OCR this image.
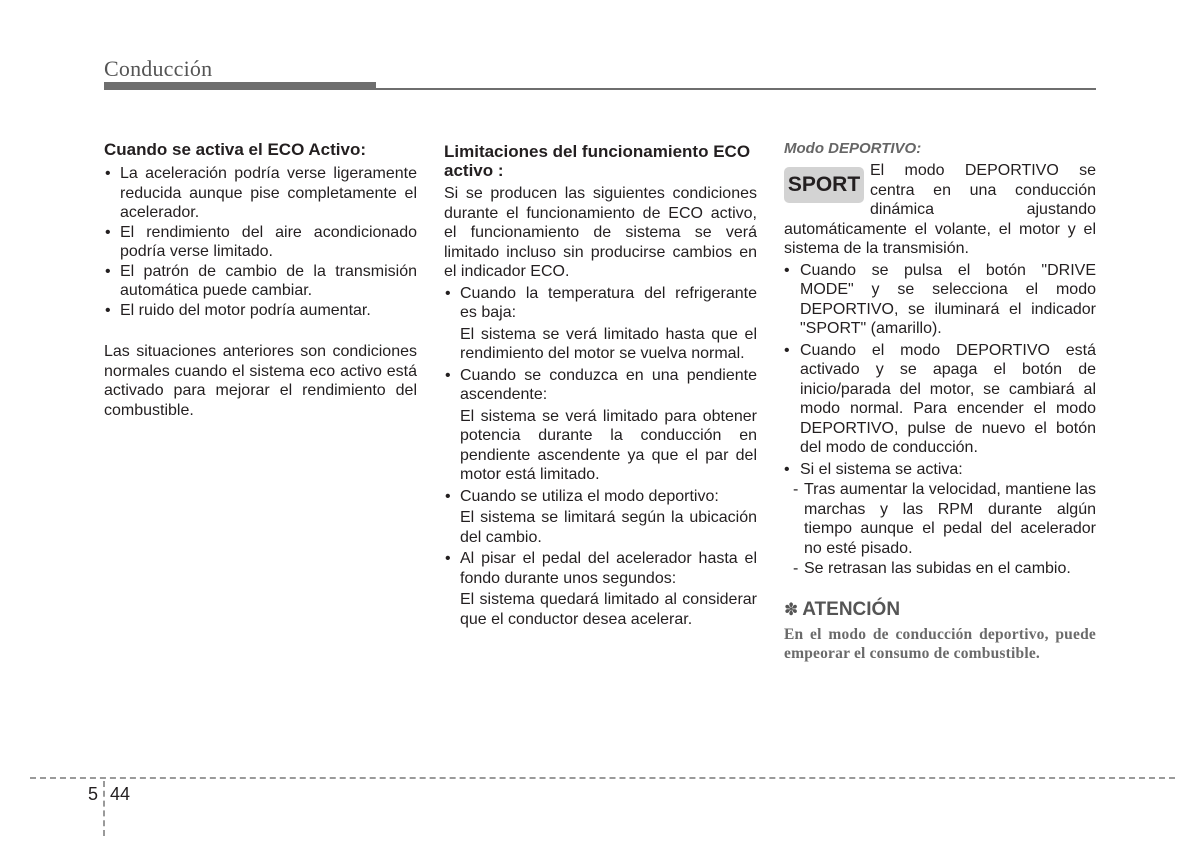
Conducción
Cuando se activa el ECO Activo:
• La aceleración podría verse ligeramente reducida aunque pise completamente el acelerador.
• El rendimiento del aire acondicionado podría verse limitado.
• El patrón de cambio de la transmisión automática puede cambiar.
• El ruido del motor podría aumentar.

Las situaciones anteriores son condiciones normales cuando el sistema eco activo está activado para mejorar el rendimiento del combustible.

Limitaciones del funcionamiento ECO activo :

Si se producen las siguientes condiciones durante el funcionamiento de ECO activo, el funcionamiento de sistema se verá limitado incluso sin producirse cambios en el indicador ECO.

• Cuando la temperatura del refrigerante es baja:
El sistema se verá limitado hasta que el rendimiento del motor se vuelva normal.
• Cuando se conduzca en una pendiente ascendente:
El sistema se verá limitado para obtener potencia durante la conducción en pendiente ascendente ya que el par del motor está limitado.
• Cuando se utiliza el modo deportivo:
El sistema se limitará según la ubicación del cambio.
• Al pisar el pedal del acelerador hasta el fondo durante unos segundos:
El sistema quedará limitado al considerar que el conductor desea acelerar.
Modo DEPORTIVO:
SPORT

El modo DEPORTIVO se centra en una conducción dinámica ajustando automáticamente el volante, el motor y el sistema de la transmisión.

• Cuando se pulsa el botón "DRIVE MODE" y se selecciona el modo DEPORTIVO, se iluminará el indicador "SPORT" (amarillo).
• Cuando el modo DEPORTIVO está activado y se apaga el botón de inicio/parada del motor, se cambiará al modo normal. Para encender el modo DEPORTIVO, pulse de nuevo el botón del modo de conducción.
• Si el sistema se activa:
- Tras aumentar la velocidad, mantiene las marchas y las RPM durante algún tiempo aunque el pedal del acelerador no esté pisado.
- Se retrasan las subidas en el cambio.
✽ ATENCIÓN
En el modo de conducción deportivo, puede empeorar el consumo de combustible.
5 44
